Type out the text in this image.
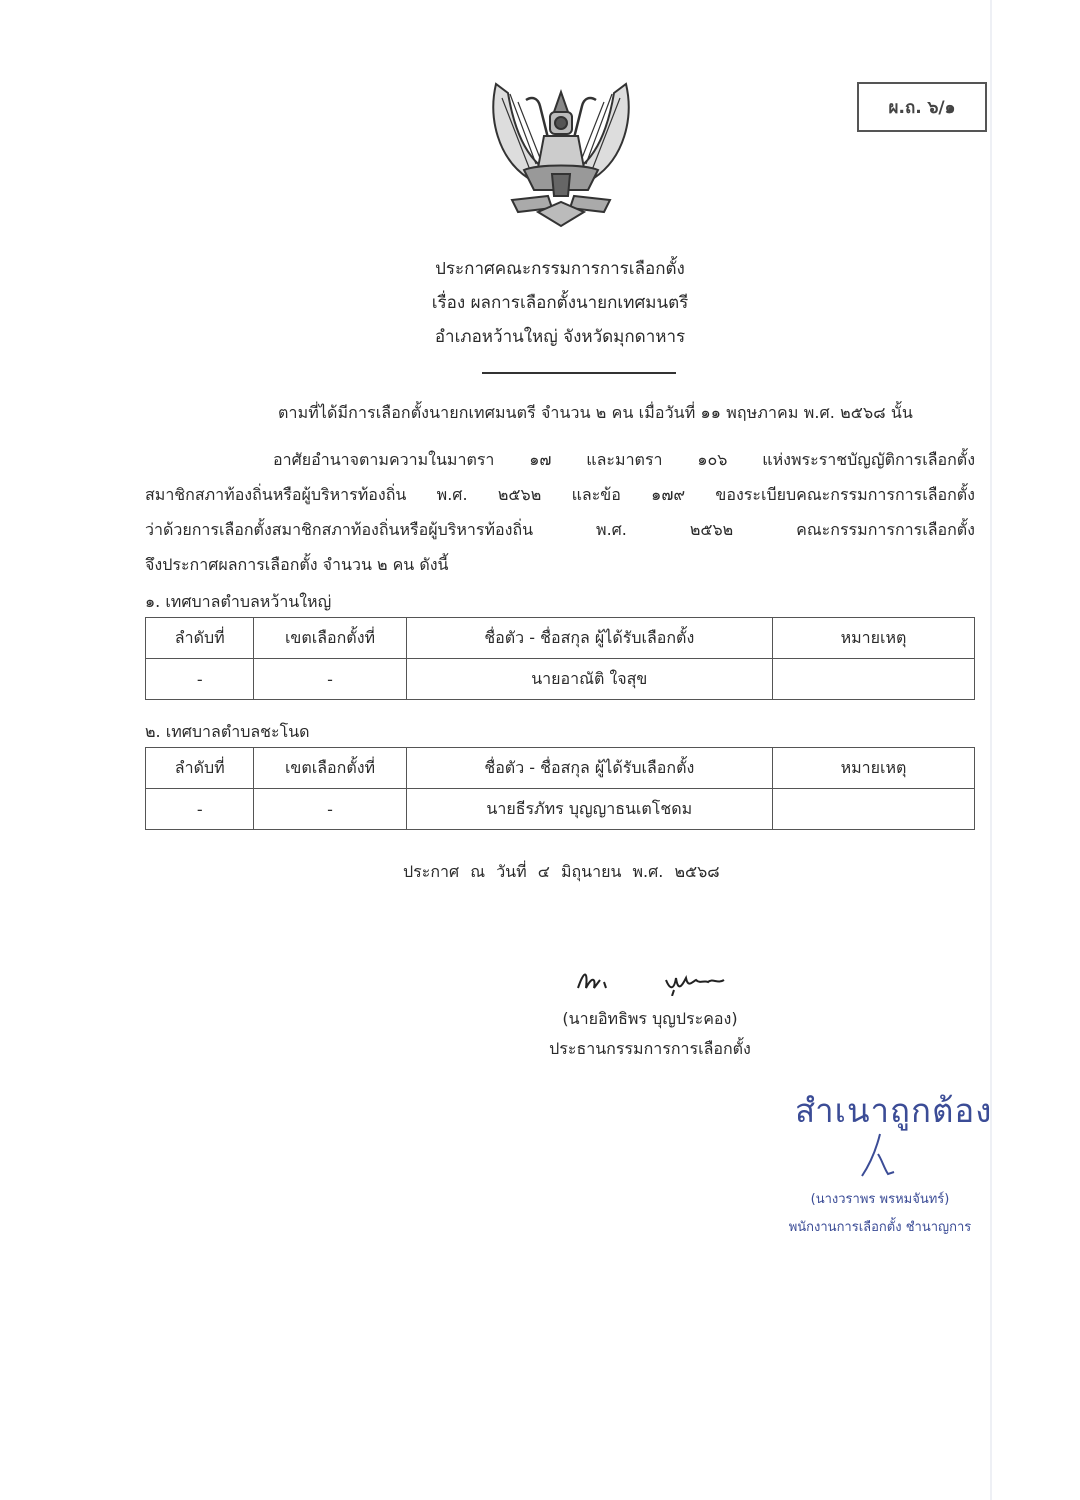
ผ.ถ. ๖/๑
ประกาศคณะกรรมการการเลือกตั้ง
เรื่อง ผลการเลือกตั้งนายกเทศมนตรี
อำเภอหว้านใหญ่ จังหวัดมุกดาหาร
ตามที่ได้มีการเลือกตั้งนายกเทศมนตรี จำนวน ๒ คน เมื่อวันที่ ๑๑ พฤษภาคม พ.ศ. ๒๕๖๘ นั้น
อาศัยอำนาจตามความในมาตรา ๑๗ และมาตรา ๑๐๖ แห่งพระราชบัญญัติการเลือกตั้ง
สมาชิกสภาท้องถิ่นหรือผู้บริหารท้องถิ่น พ.ศ. ๒๕๖๒ และข้อ ๑๗๙ ของระเบียบคณะกรรมการการเลือกตั้ง
ว่าด้วยการเลือกตั้งสมาชิกสภาท้องถิ่นหรือผู้บริหารท้องถิ่น พ.ศ. ๒๕๖๒ คณะกรรมการการเลือกตั้ง
จึงประกาศผลการเลือกตั้ง จำนวน ๒ คน ดังนี้
๑. เทศบาลตำบลหว้านใหญ่
ลำดับที่	เขตเลือกตั้งที่	ชื่อตัว - ชื่อสกุล ผู้ได้รับเลือกตั้ง	หมายเหตุ
-	-	นายอาณัติ ใจสุข	
๒. เทศบาลตำบลชะโนด
ลำดับที่	เขตเลือกตั้งที่	ชื่อตัว - ชื่อสกุล ผู้ได้รับเลือกตั้ง	หมายเหตุ
-	-	นายธีรภัทร บุญญาธนเตโชดม	
ประกาศ ณ วันที่ ๔ มิถุนายน พ.ศ. ๒๕๖๘
(นายอิทธิพร บุญประคอง)
ประธานกรรมการการเลือกตั้ง
สำเนาถูกต้อง
(นางวราพร พรหมจันทร์)
พนักงานการเลือกตั้ง ชำนาญการ
